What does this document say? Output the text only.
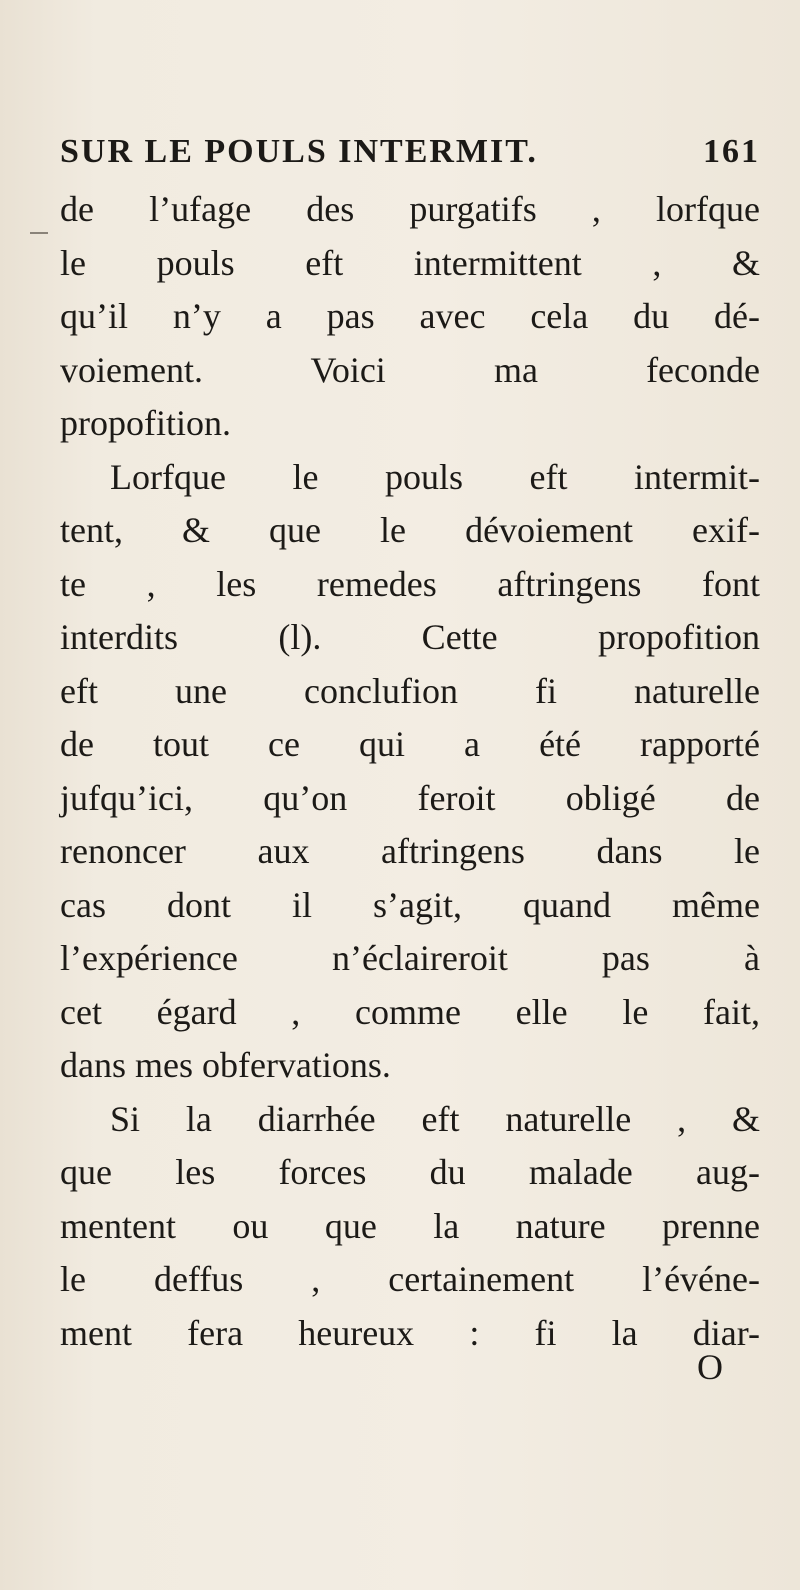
SUR LE POULS INTERMIT.	161
de l’ufage des purgatifs , lorfque
le pouls eft intermittent , &
qu’il n’y a pas avec cela du dé-
voiement. Voici ma feconde
propofition.
Lorfque le pouls eft intermit-
tent, & que le dévoiement exif-
te , les remedes aftringens font
interdits (l). Cette propofition
eft une conclufion fi naturelle
de tout ce qui a été rapporté
jufqu’ici, qu’on feroit obligé de
renoncer aux aftringens dans le
cas dont il s’agit, quand même
l’expérience n’éclaireroit pas à
cet égard , comme elle le fait,
dans mes obfervations.
Si la diarrhée eft naturelle , &
que les forces du malade aug-
mentent ou que la nature prenne
le deffus , certainement l’événe-
ment fera heureux : fi la diar-
O
